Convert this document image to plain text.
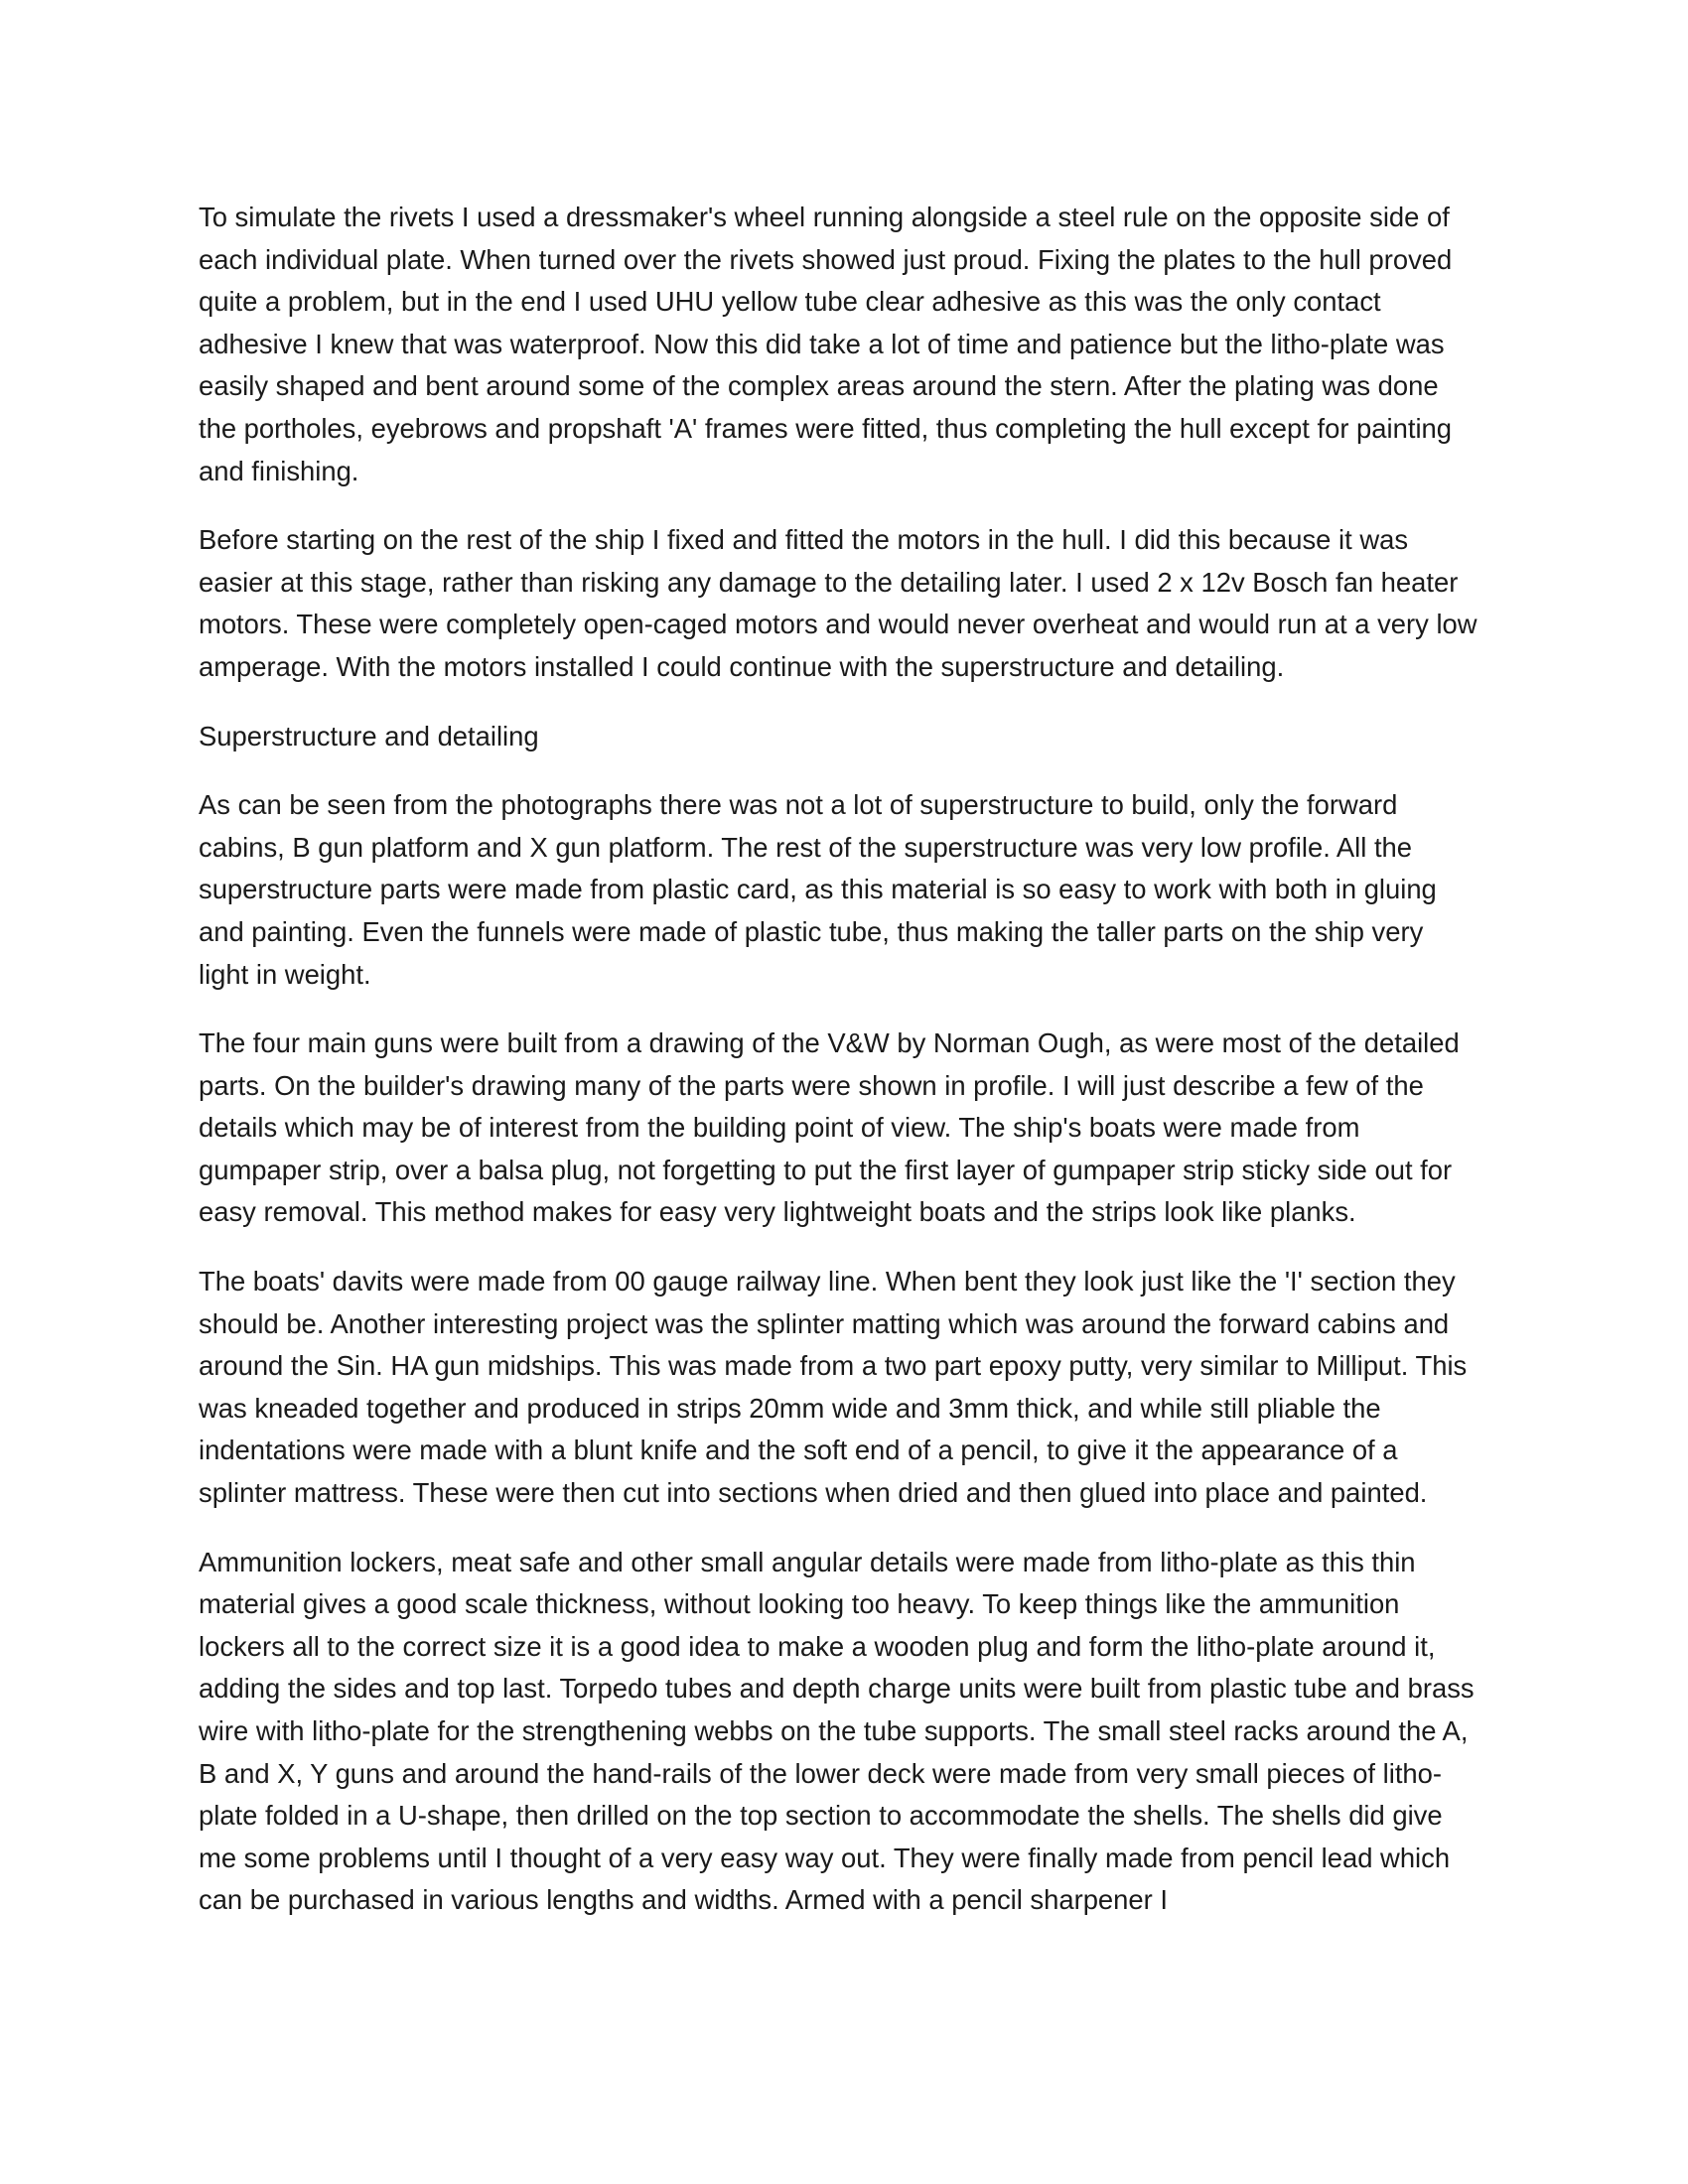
To simulate the rivets I used a dressmaker's wheel running alongside a steel rule on the opposite side of each individual plate. When turned over the rivets showed just proud. Fixing the plates to the hull proved quite a problem, but in the end I used UHU yellow tube clear adhesive as this was the only contact adhesive I knew that was waterproof. Now this did take a lot of time and patience but the litho-plate was easily shaped and bent around some of the complex areas around the stern. After the plating was done the portholes, eyebrows and propshaft 'A' frames were fitted, thus completing the hull except for painting and finishing.

Before starting on the rest of the ship I fixed and fitted the motors in the hull. I did this because it was easier at this stage, rather than risking any damage to the detailing later. I used 2 x 12v Bosch fan heater motors. These were completely open-caged motors and would never overheat and would run at a very low amperage. With the motors installed I could continue with the superstructure and detailing.

Superstructure and detailing

As can be seen from the photographs there was not a lot of superstructure to build, only the forward cabins, B gun platform and X gun platform. The rest of the superstructure was very low profile. All the superstructure parts were made from plastic card, as this material is so easy to work with both in gluing and painting. Even the funnels were made of plastic tube, thus making the taller parts on the ship very light in weight.

The four main guns were built from a drawing of the V&W by Norman Ough, as were most of the detailed parts. On the builder's drawing many of the parts were shown in profile. I will just describe a few of the details which may be of interest from the building point of view. The ship's boats were made from gumpaper strip, over a balsa plug, not forgetting to put the first layer of gumpaper strip sticky side out for easy removal. This method makes for easy very lightweight boats and the strips look like planks.

The boats' davits were made from 00 gauge railway line. When bent they look just like the 'I' section they should be. Another interesting project was the splinter matting which was around the forward cabins and around the Sin. HA gun midships. This was made from a two part epoxy putty, very similar to Milliput. This was kneaded together and produced in strips 20mm wide and 3mm thick, and while still pliable the indentations were made with a blunt knife and the soft end of a pencil, to give it the appearance of a splinter mattress. These were then cut into sections when dried and then glued into place and painted.

Ammunition lockers, meat safe and other small angular details were made from litho-plate as this thin material gives a good scale thickness, without looking too heavy. To keep things like the ammunition lockers all to the correct size it is a good idea to make a wooden plug and form the litho-plate around it, adding the sides and top last. Torpedo tubes and depth charge units were built from plastic tube and brass wire with litho-plate for the strengthening webbs on the tube supports. The small steel racks around the A, B and X, Y guns and around the hand-rails of the lower deck were made from very small pieces of litho-plate folded in a U-shape, then drilled on the top section to accommodate the shells. The shells did give me some problems until I thought of a very easy way out. They were finally made from pencil lead which can be purchased in various lengths and widths. Armed with a pencil sharpener I
